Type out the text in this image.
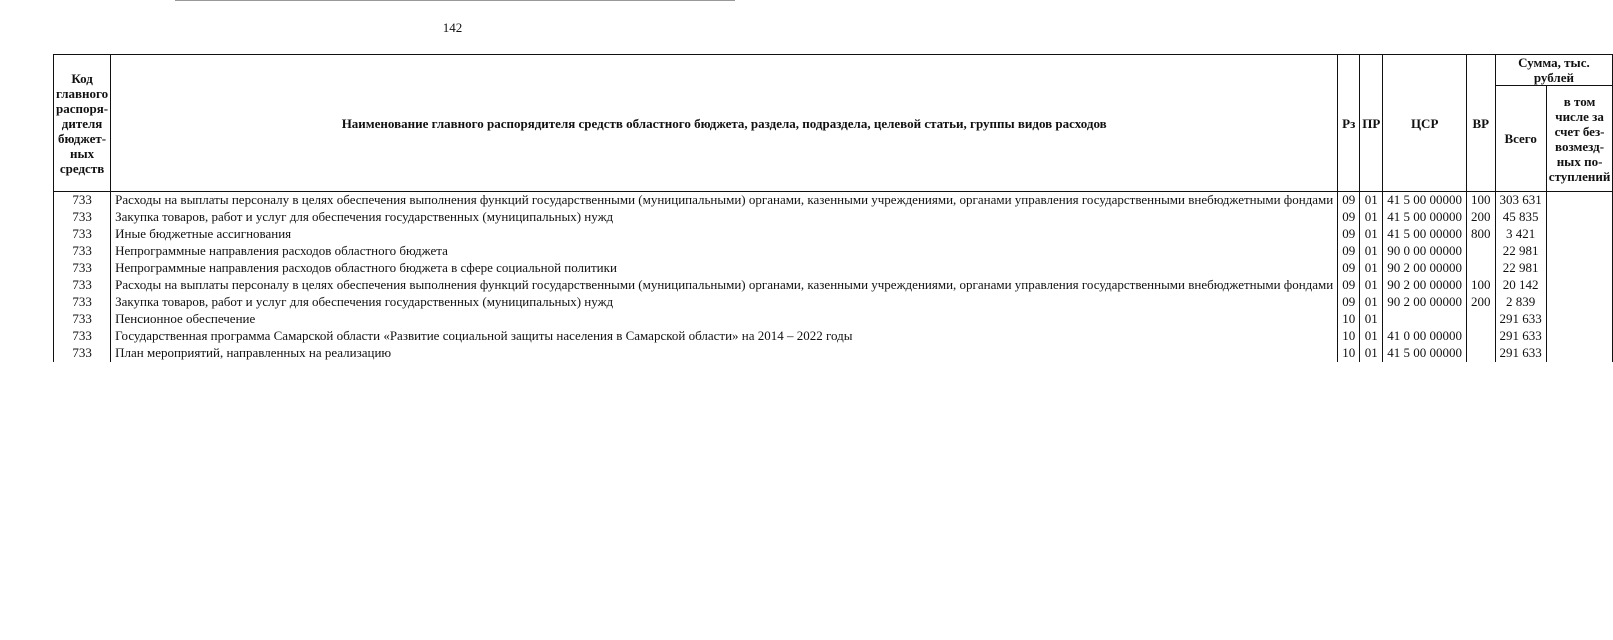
142
Код главного распоря- дителя бюджет- ных средств	Наименование главного распорядителя средств областного бюджета, раздела, подраздела, целевой статьи, группы видов расходов	Рз	ПР	ЦСР	ВР	Сумма, тыс. рублей	
						Всего	в том числе за счет без- возмезд- ных по- ступлений
733	Расходы на выплаты персоналу в целях обеспечения выполнения функций государственными (муниципальными) органами, казенными учреждениями, органами управления государственными внебюджетными фондами	09	01	41 5 00 00000	100	303 631	
733	Закупка товаров, работ и услуг для обеспечения государственных (муниципальных) нужд	09	01	41 5 00 00000	200	45 835	
733	Иные бюджетные ассигнования	09	01	41 5 00 00000	800	3 421	
733	Непрограммные направления расходов областного бюджета	09	01	90 0 00 00000		22 981	
733	Непрограммные направления расходов областного бюджета в сфере социальной политики	09	01	90 2 00 00000		22 981	
733	Расходы на выплаты персоналу в целях обеспечения выполнения функций государственными (муниципальными) органами, казенными учреждениями, органами управления государственными внебюджетными фондами	09	01	90 2 00 00000	100	20 142	
733	Закупка товаров, работ и услуг для обеспечения государственных (муниципальных) нужд	09	01	90 2 00 00000	200	2 839	
733	Пенсионное обеспечение	10	01			291 633	
733	Государственная программа Самарской области «Развитие социальной защиты населения в Самарской области» на 2014 – 2022 годы	10	01	41 0 00 00000		291 633	
733	План мероприятий, направленных на реализацию	10	01	41 5 00 00000		291 633	
